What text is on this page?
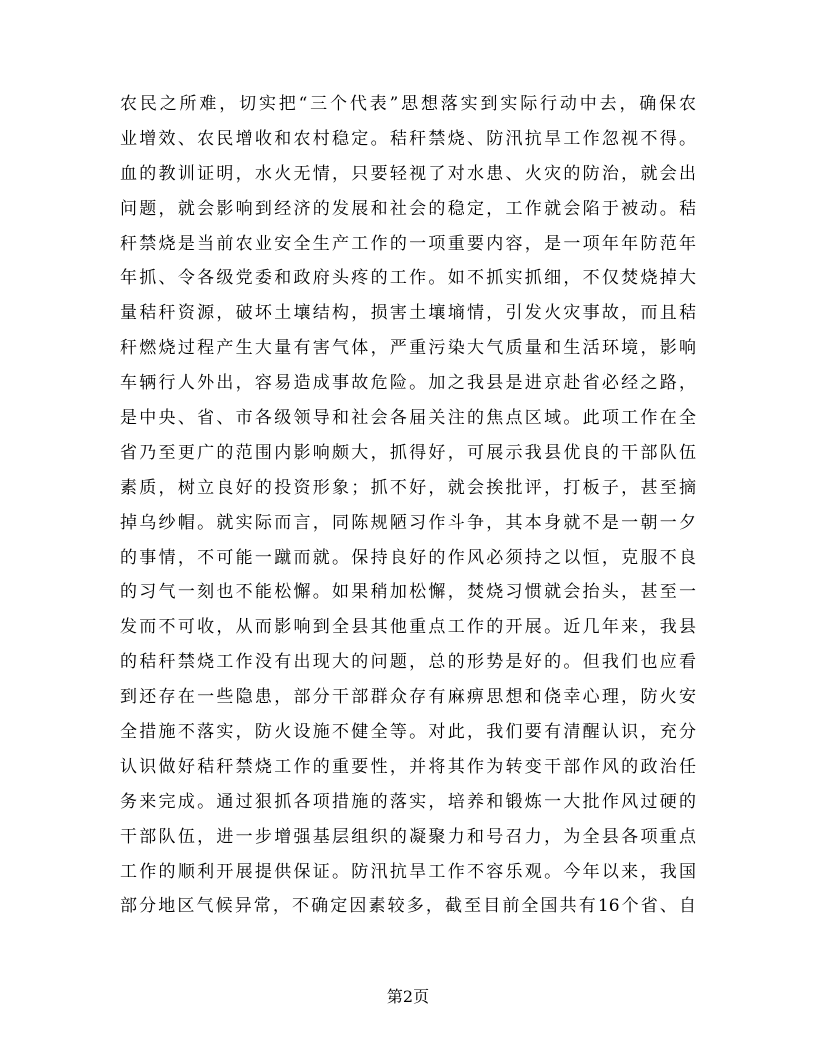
农民之所难，切实把“三个代表”思想落实到实际行动中去，确保农
业增效、农民增收和农村稳定。秸秆禁烧、防汛抗旱工作忽视不得。
血的教训证明，水火无情，只要轻视了对水患、火灾的防治，就会出
问题，就会影响到经济的发展和社会的稳定，工作就会陷于被动。秸
秆禁烧是当前农业安全生产工作的一项重要内容，是一项年年防范年
年抓、令各级党委和政府头疼的工作。如不抓实抓细，不仅焚烧掉大
量秸秆资源，破坏土壤结构，损害土壤墒情，引发火灾事故，而且秸
秆燃烧过程产生大量有害气体，严重污染大气质量和生活环境，影响
车辆行人外出，容易造成事故危险。加之我县是进京赴省必经之路，
是中央、省、市各级领导和社会各届关注的焦点区域。此项工作在全
省乃至更广的范围内影响颇大，抓得好，可展示我县优良的干部队伍
素质，树立良好的投资形象；抓不好，就会挨批评，打板子，甚至摘
掉乌纱帽。就实际而言，同陈规陋习作斗争，其本身就不是一朝一夕
的事情，不可能一蹴而就。保持良好的作风必须持之以恒，克服不良
的习气一刻也不能松懈。如果稍加松懈，焚烧习惯就会抬头，甚至一
发而不可收，从而影响到全县其他重点工作的开展。近几年来，我县
的秸秆禁烧工作没有出现大的问题，总的形势是好的。但我们也应看
到还存在一些隐患，部分干部群众存有麻痹思想和侥幸心理，防火安
全措施不落实，防火设施不健全等。对此，我们要有清醒认识，充分
认识做好秸秆禁烧工作的重要性，并将其作为转变干部作风的政治任
务来完成。通过狠抓各项措施的落实，培养和锻炼一大批作风过硬的
干部队伍，进一步增强基层组织的凝聚力和号召力，为全县各项重点
工作的顺利开展提供保证。防汛抗旱工作不容乐观。今年以来，我国
部分地区气候异常，不确定因素较多，截至目前全国共有16个省、自
第2页
